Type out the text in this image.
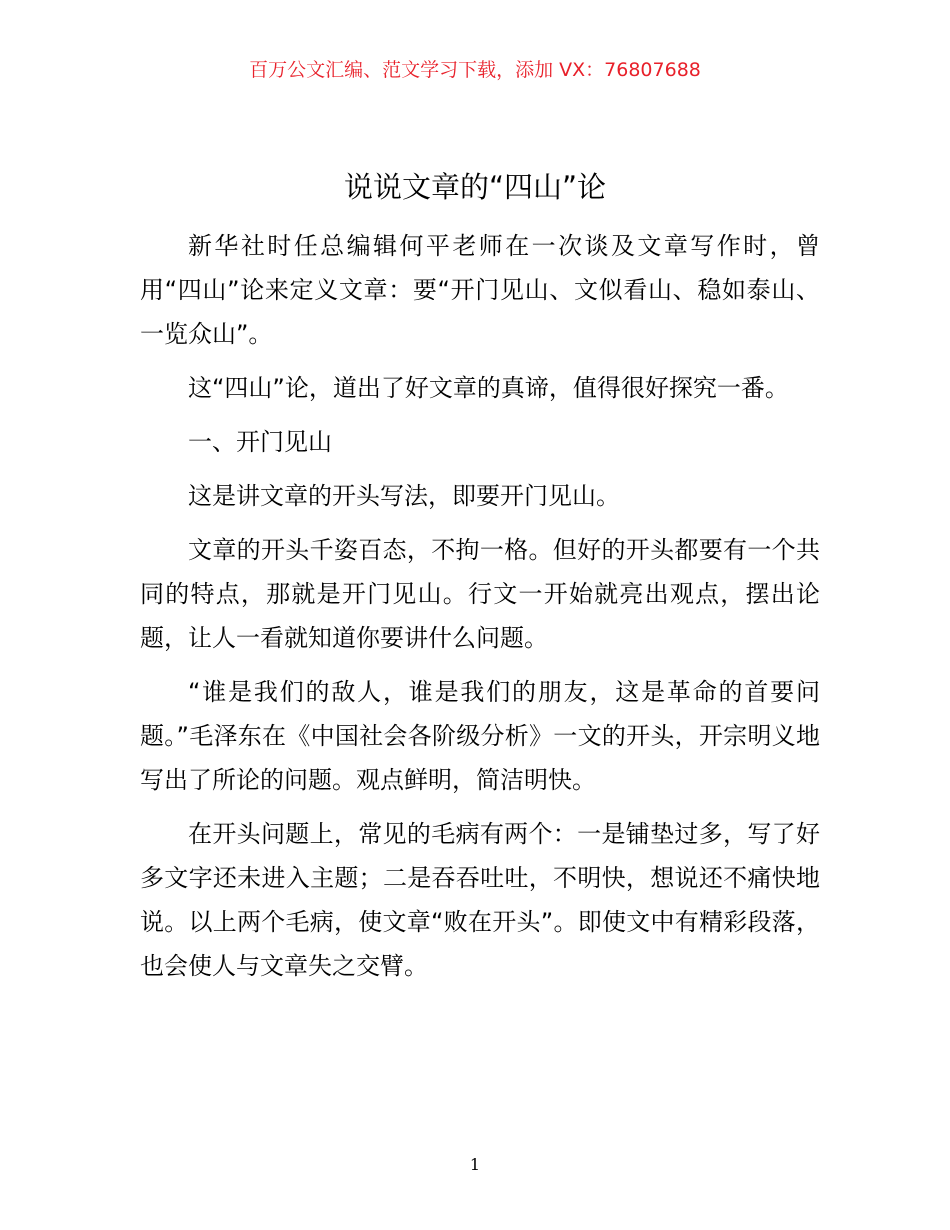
百万公文汇编、范文学习下载，添加 VX：76807688
说说文章的“四山”论

新华社时任总编辑何平老师在一次谈及文章写作时，曾用“四山”论来定义文章：要“开门见山、文似看山、稳如泰山、一览众山”。

这“四山”论，道出了好文章的真谛，值得很好探究一番。

一、开门见山

这是讲文章的开头写法，即要开门见山。

文章的开头千姿百态，不拘一格。但好的开头都要有一个共同的特点，那就是开门见山。行文一开始就亮出观点，摆出论题，让人一看就知道你要讲什么问题。

“谁是我们的敌人，谁是我们的朋友，这是革命的首要问题。”毛泽东在《中国社会各阶级分析》一文的开头，开宗明义地写出了所论的问题。观点鲜明，简洁明快。

在开头问题上，常见的毛病有两个：一是铺垫过多，写了好多文字还未进入主题；二是吞吞吐吐，不明快，想说还不痛快地说。以上两个毛病，使文章“败在开头”。即使文中有精彩段落，也会使人与文章失之交臂。

1
